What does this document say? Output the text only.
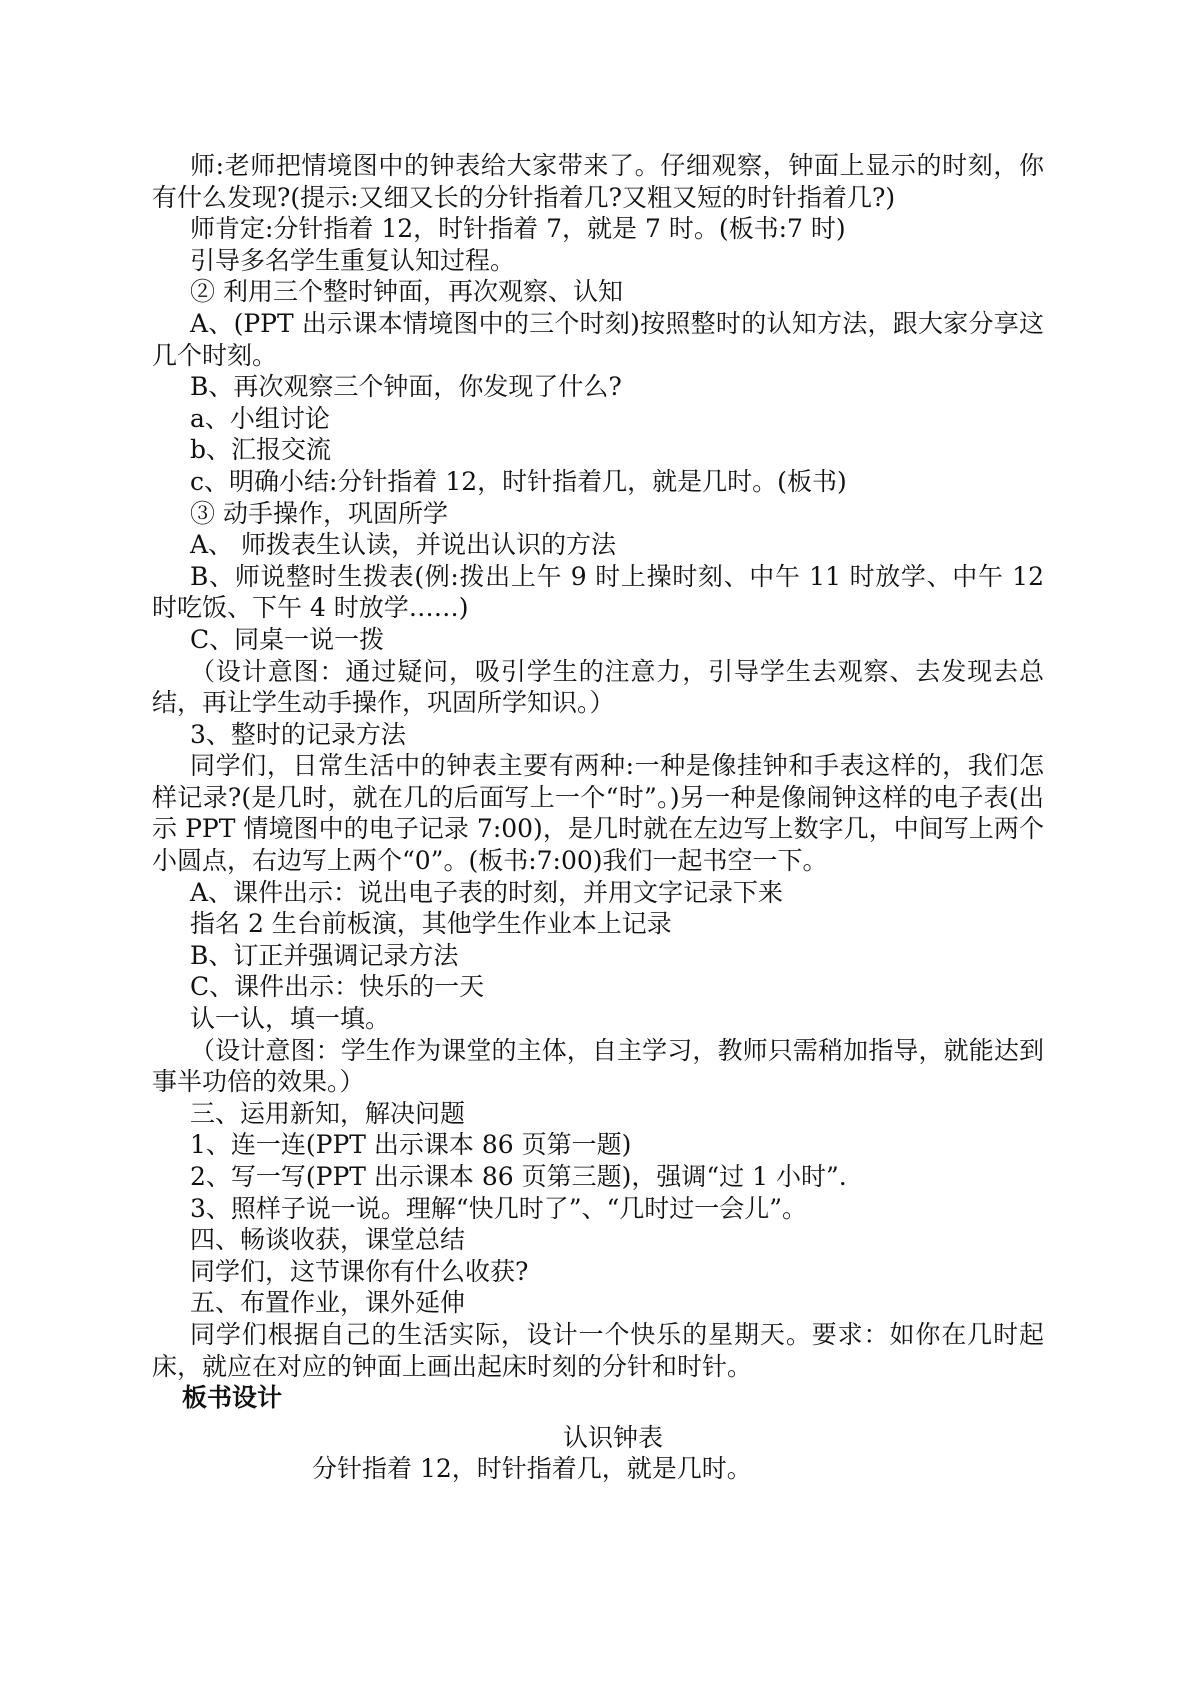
师:老师把情境图中的钟表给大家带来了。仔细观察，钟面上显示的时刻，你有什么发现?(提示:又细又长的分针指着几?又粗又短的时针指着几?)

师肯定:分针指着 12，时针指着 7，就是 7 时。(板书:7 时)

引导多名学生重复认知过程。

② 利用三个整时钟面，再次观察、认知

A、(PPT 出示课本情境图中的三个时刻)按照整时的认知方法，跟大家分享这几个时刻。

B、再次观察三个钟面，你发现了什么?

a、小组讨论

b、汇报交流

c、明确小结:分针指着 12，时针指着几，就是几时。(板书)

③ 动手操作，巩固所学

A、 师拨表生认读，并说出认识的方法

B、师说整时生拨表(例:拨出上午 9 时上操时刻、中午 11 时放学、中午 12 时吃饭、下午 4 时放学……)

C、同桌一说一拨

（设计意图：通过疑问，吸引学生的注意力，引导学生去观察、去发现去总结，再让学生动手操作，巩固所学知识。）

3、整时的记录方法

同学们，日常生活中的钟表主要有两种:一种是像挂钟和手表这样的，我们怎样记录?(是几时，就在几的后面写上一个“时”。)另一种是像闹钟这样的电子表(出示 PPT 情境图中的电子记录 7:00)，是几时就在左边写上数字几，中间写上两个小圆点，右边写上两个“0”。(板书:7:00)我们一起书空一下。

A、课件出示：说出电子表的时刻，并用文字记录下来

指名 2 生台前板演，其他学生作业本上记录

B、订正并强调记录方法

C、课件出示：快乐的一天

认一认，填一填。

（设计意图：学生作为课堂的主体，自主学习，教师只需稍加指导，就能达到事半功倍的效果。）

三、运用新知，解决问题

1、连一连(PPT 出示课本 86 页第一题)

2、写一写(PPT 出示课本 86 页第三题)，强调“过 1 小时”.

3、照样子说一说。理解“快几时了”、“几时过一会儿”。

四、畅谈收获，课堂总结

同学们，这节课你有什么收获?

五、布置作业，课外延伸

同学们根据自己的生活实际，设计一个快乐的星期天。要求：如你在几时起床，就应在对应的钟面上画出起床时刻的分针和时针。

板书设计

认识钟表

分针指着 12，时针指着几，就是几时。
